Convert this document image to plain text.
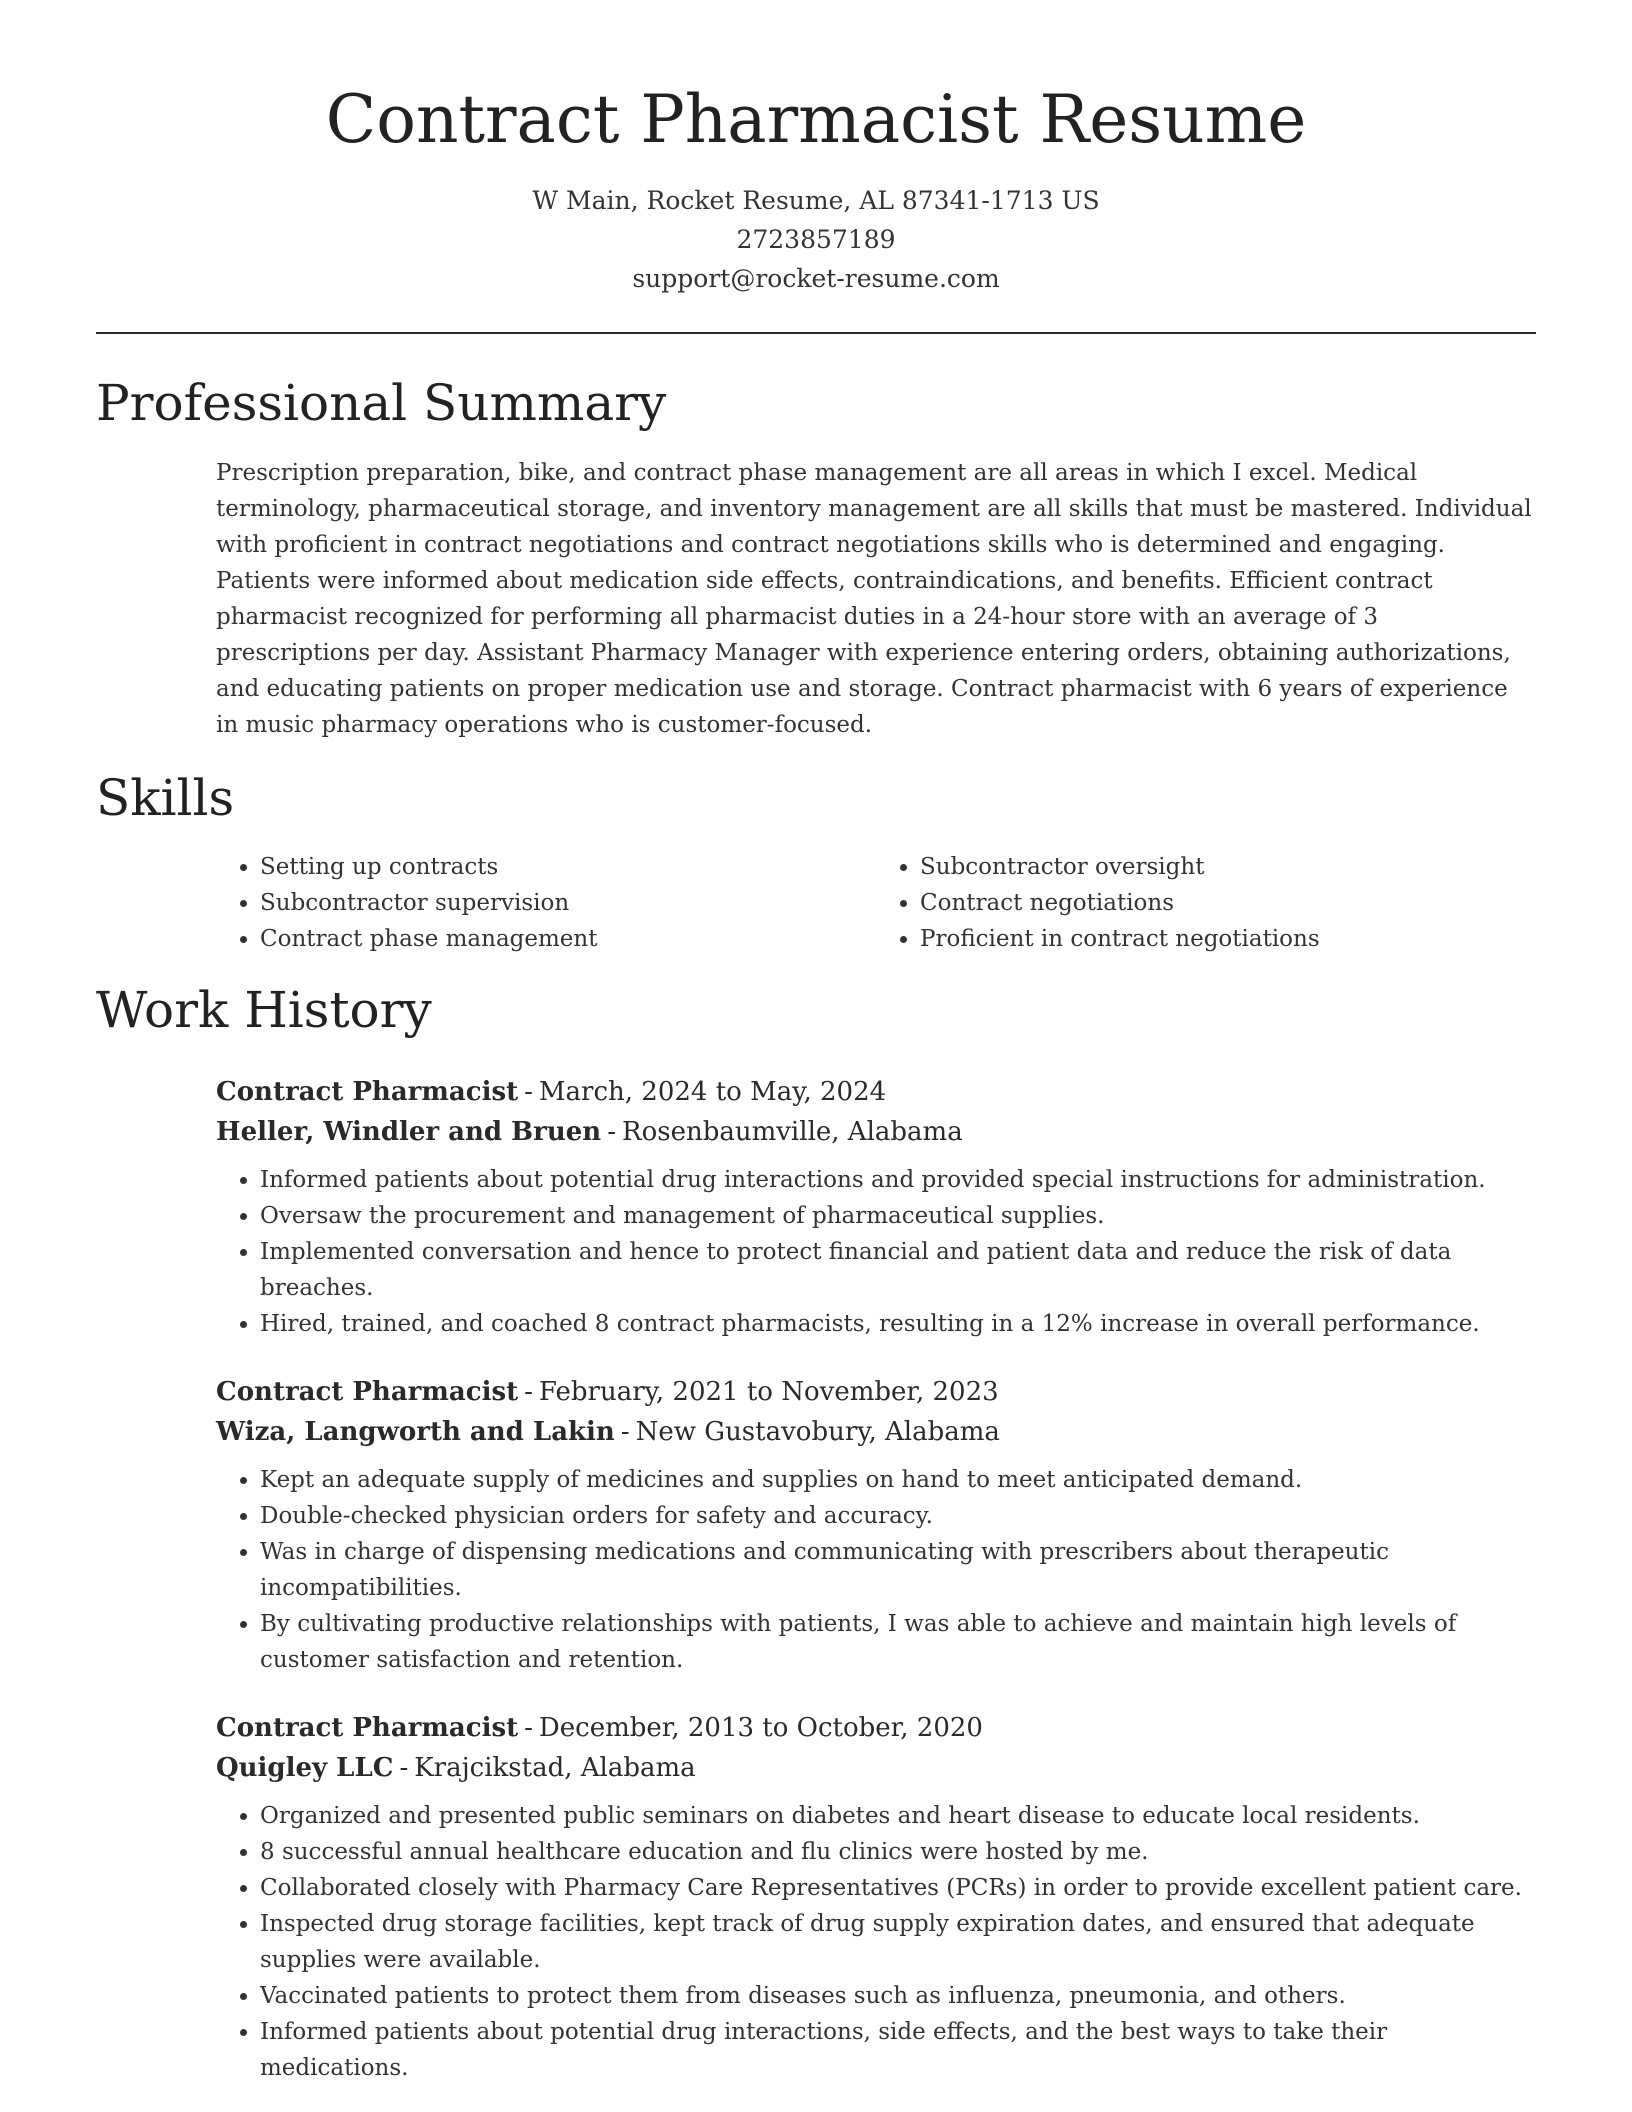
Contract Pharmacist Resume
W Main, Rocket Resume, AL 87341-1713 US
2723857189
support@rocket-resume.com
Professional Summary

Prescription preparation, bike, and contract phase management are all areas in which I excel. Medical terminology, pharmaceutical storage, and inventory management are all skills that must be mastered. Individual with proficient in contract negotiations and contract negotiations skills who is determined and engaging. Patients were informed about medication side effects, contraindications, and benefits. Efficient contract pharmacist recognized for performing all pharmacist duties in a 24-hour store with an average of 3 prescriptions per day. Assistant Pharmacy Manager with experience entering orders, obtaining authorizations, and educating patients on proper medication use and storage. Contract pharmacist with 6 years of experience in music pharmacy operations who is customer-focused.

Skills
• Setting up contracts
• Subcontractor supervision
• Contract phase management
• Subcontractor oversight
• Contract negotiations
• Proficient in contract negotiations
Work History
Contract Pharmacist - March, 2024 to May, 2024
Heller, Windler and Bruen - Rosenbaumville, Alabama
• Informed patients about potential drug interactions and provided special instructions for administration.
• Oversaw the procurement and management of pharmaceutical supplies.
• Implemented conversation and hence to protect financial and patient data and reduce the risk of data breaches.
• Hired, trained, and coached 8 contract pharmacists, resulting in a 12% increase in overall performance.
Contract Pharmacist - February, 2021 to November, 2023
Wiza, Langworth and Lakin - New Gustavobury, Alabama
• Kept an adequate supply of medicines and supplies on hand to meet anticipated demand.
• Double-checked physician orders for safety and accuracy.
• Was in charge of dispensing medications and communicating with prescribers about therapeutic incompatibilities.
• By cultivating productive relationships with patients, I was able to achieve and maintain high levels of customer satisfaction and retention.
Contract Pharmacist - December, 2013 to October, 2020
Quigley LLC - Krajcikstad, Alabama
• Organized and presented public seminars on diabetes and heart disease to educate local residents.
• 8 successful annual healthcare education and flu clinics were hosted by me.
• Collaborated closely with Pharmacy Care Representatives (PCRs) in order to provide excellent patient care.
• Inspected drug storage facilities, kept track of drug supply expiration dates, and ensured that adequate supplies were available.
• Vaccinated patients to protect them from diseases such as influenza, pneumonia, and others.
• Informed patients about potential drug interactions, side effects, and the best ways to take their medications.
